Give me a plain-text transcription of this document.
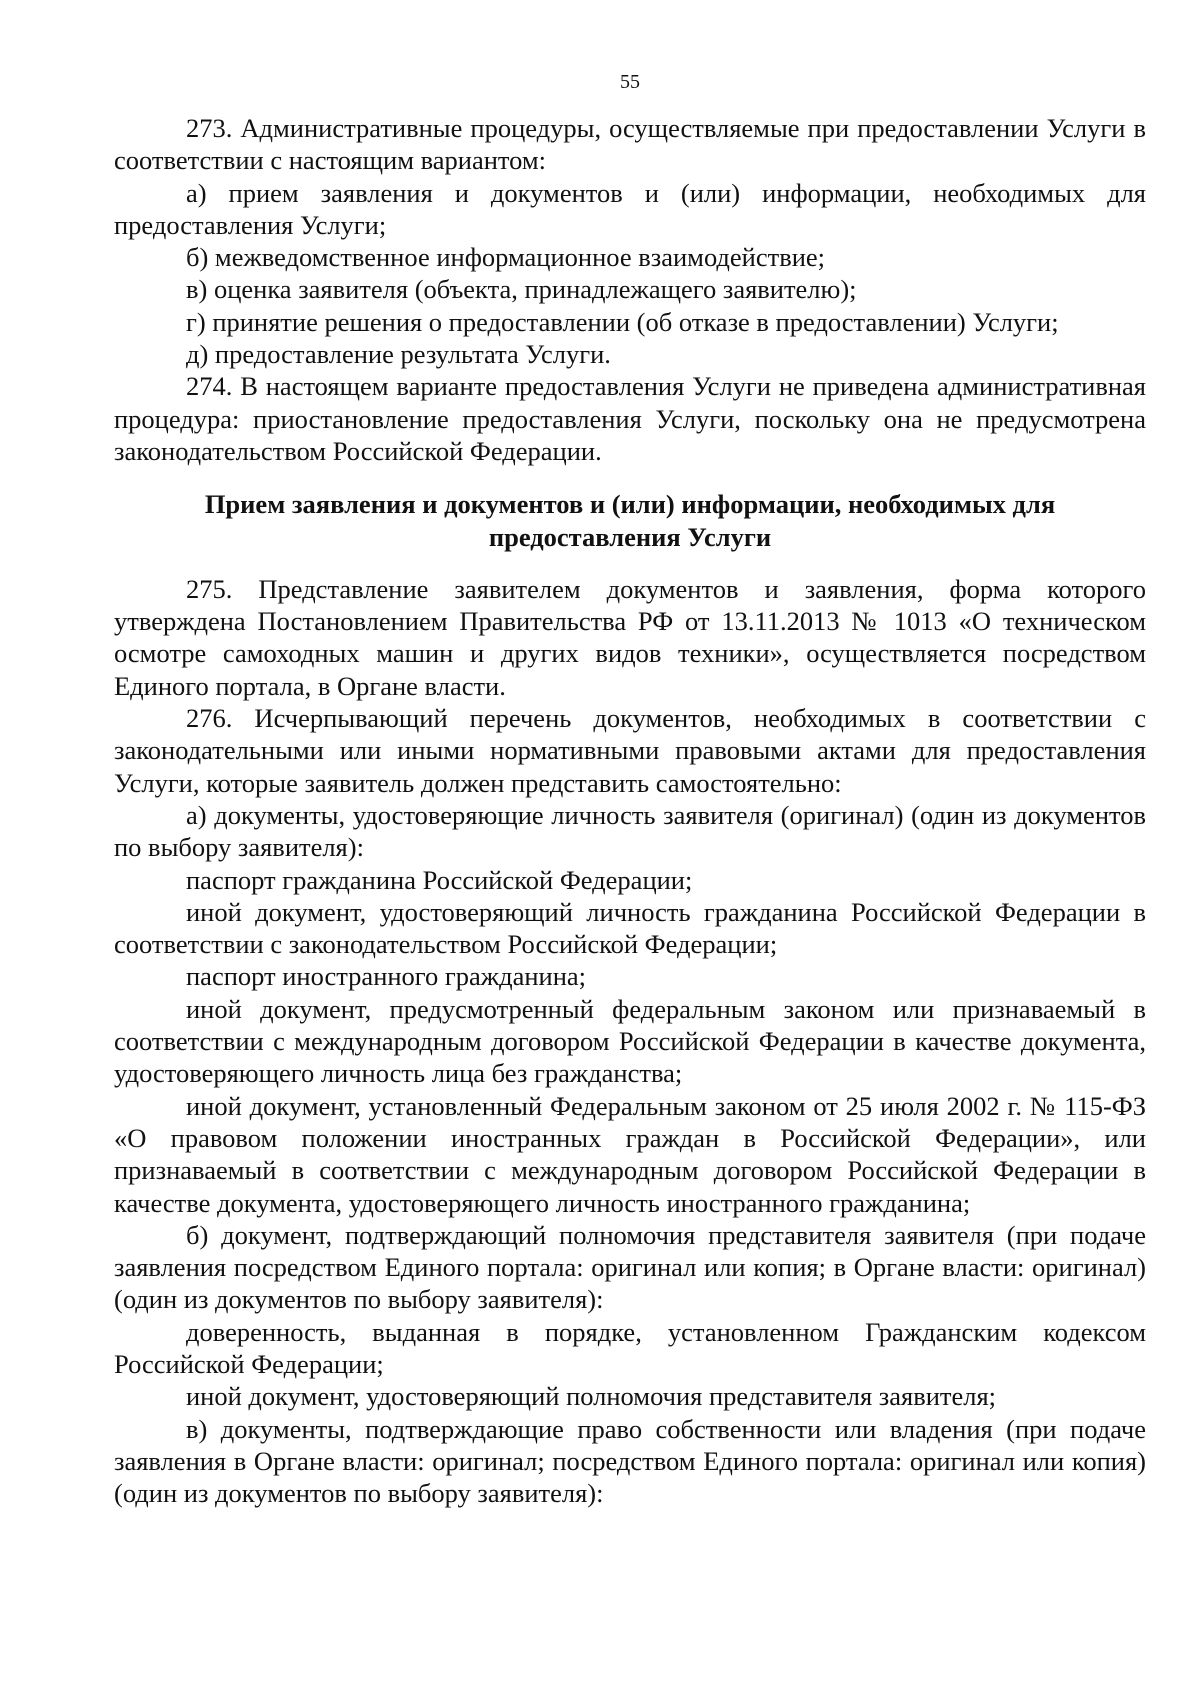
55

273. Административные процедуры, осуществляемые при предоставлении Услуги в соответствии с настоящим вариантом:

а) прием заявления и документов и (или) информации, необходимых для предоставления Услуги;

б) межведомственное информационное взаимодействие;

в) оценка заявителя (объекта, принадлежащего заявителю);

г) принятие решения о предоставлении (об отказе в предоставлении) Услуги;

д) предоставление результата Услуги.

274. В настоящем варианте предоставления Услуги не приведена административная процедура: приостановление предоставления Услуги, поскольку она не предусмотрена законодательством Российской Федерации.

Прием заявления и документов и (или) информации, необходимых для предоставления Услуги

275. Представление заявителем документов и заявления, форма которого утверждена Постановлением Правительства РФ от 13.11.2013 № 1013 «О техническом осмотре самоходных машин и других видов техники», осуществляется посредством Единого портала, в Органе власти.

276. Исчерпывающий перечень документов, необходимых в соответствии с законодательными или иными нормативными правовыми актами для предоставления Услуги, которые заявитель должен представить самостоятельно:

а) документы, удостоверяющие личность заявителя (оригинал) (один из документов по выбору заявителя):

паспорт гражданина Российской Федерации;

иной документ, удостоверяющий личность гражданина Российской Федерации в соответствии с законодательством Российской Федерации;

паспорт иностранного гражданина;

иной документ, предусмотренный федеральным законом или признаваемый в соответствии с международным договором Российской Федерации в качестве документа, удостоверяющего личность лица без гражданства;

иной документ, установленный Федеральным законом от 25 июля 2002 г. № 115-ФЗ «О правовом положении иностранных граждан в Российской Федерации», или признаваемый в соответствии с международным договором Российской Федерации в качестве документа, удостоверяющего личность иностранного гражданина;

б) документ, подтверждающий полномочия представителя заявителя (при подаче заявления посредством Единого портала: оригинал или копия; в Органе власти: оригинал) (один из документов по выбору заявителя):

доверенность, выданная в порядке, установленном Гражданским кодексом Российской Федерации;

иной документ, удостоверяющий полномочия представителя заявителя;

в) документы, подтверждающие право собственности или владения (при подаче заявления в Органе власти: оригинал; посредством Единого портала: оригинал или копия) (один из документов по выбору заявителя):
